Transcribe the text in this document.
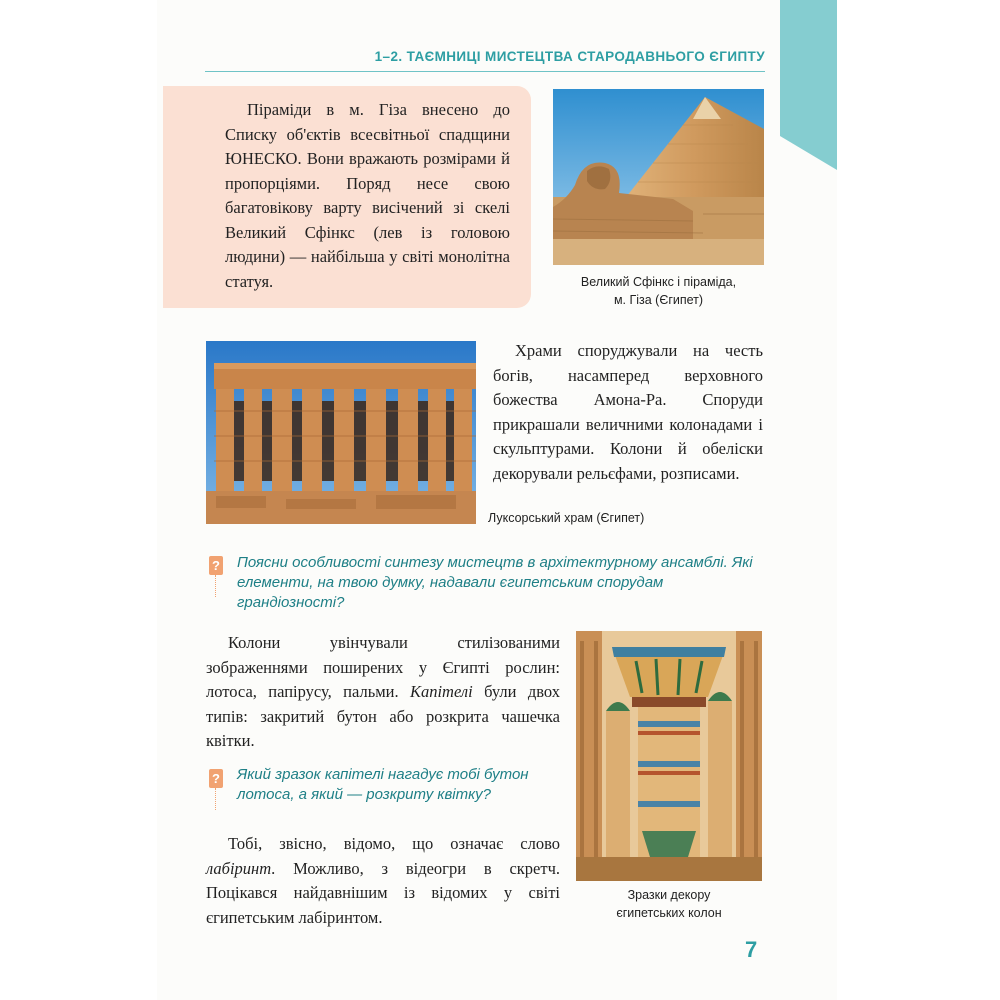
1–2. ТАЄМНИЦІ МИСТЕЦТВА СТАРОДАВНЬОГО ЄГИПТУ

Піраміди в м. Гіза внесено до Списку об'єктів всесвітньої спадщини ЮНЕСКО. Вони вражають розмірами й пропорціями. Поряд несе свою багатовікову варту висічений зі скелі Великий Сфінкс (лев із головою людини) — найбільша у світі монолітна статуя.	Великий Сфінкс і піраміда,
м. Гіза (Єгипет)
Луксорський храм (Єгипет)

Храми споруджували на честь богів, насамперед верховного божества Амона-Ра. Споруди прикрашали величними колонадами і скульптурами. Колони й обеліски декорували рельєфами, розписами.

? Поясни особливості синтезу мистецтв в архітектурному ансамблі. Які елементи, на твою думку, надавали єгипетським спорудам грандіозності?

Колони увінчували стилізованими зображеннями поширених у Єгипті рослин: лотоса, папірусу, пальми. Капітелі були двох типів: закритий бутон або розкрита чашечка квітки.

? Який зразок капітелі нагадує тобі бутон лотоса, а який — розкриту квітку?

Тобі, звісно, відомо, що означає слово лабіринт. Можливо, з відеогри в скретч. Поцікався найдавнішим із відомих у світі єгипетським лабіринтом.

Зразки декору
єгипетських колон
7
